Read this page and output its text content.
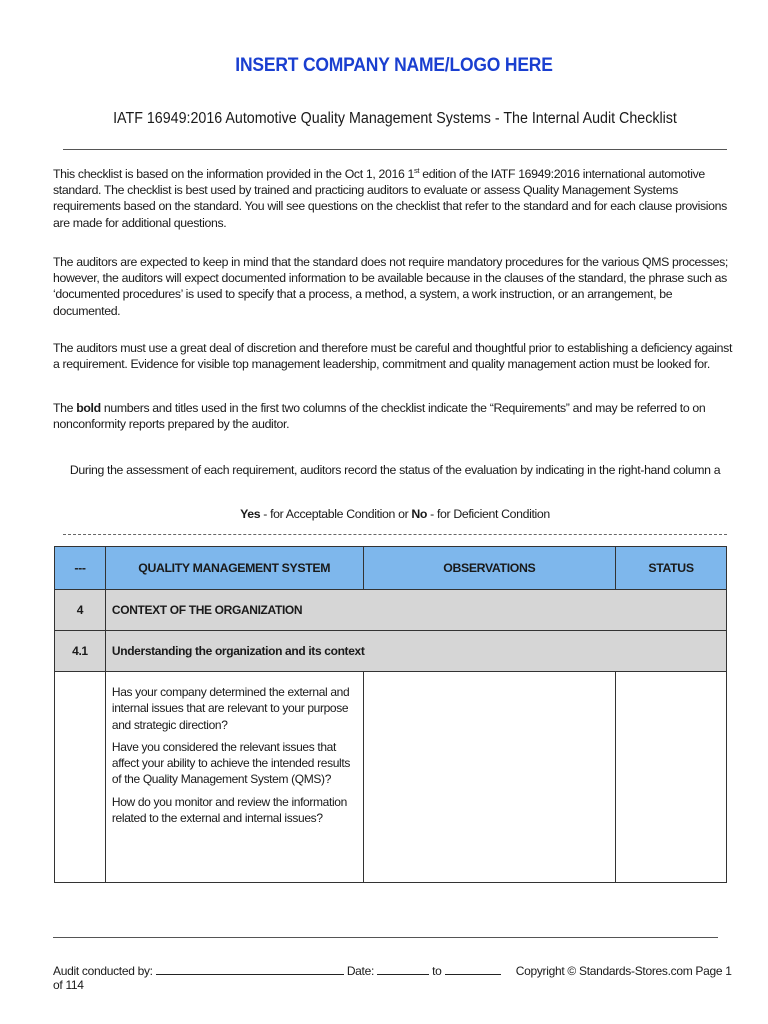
INSERT COMPANY NAME/LOGO HERE
IATF 16949:2016 Automotive Quality Management Systems - The Internal Audit Checklist
This checklist is based on the information provided in the Oct 1, 2016 1st edition of the IATF 16949:2016 international automotive standard. The checklist is best used by trained and practicing auditors to evaluate or assess Quality Management Systems requirements based on the standard. You will see questions on the checklist that refer to the standard and for each clause provisions are made for additional questions.
The auditors are expected to keep in mind that the standard does not require mandatory procedures for the various QMS processes; however, the auditors will expect documented information to be available because in the clauses of the standard, the phrase such as ‘documented procedures’ is used to specify that a process, a method, a system, a work instruction, or an arrangement, be documented.
The auditors must use a great deal of discretion and therefore must be careful and thoughtful prior to establishing a deficiency against a requirement. Evidence for visible top management leadership, commitment and quality management action must be looked for.
The bold numbers and titles used in the first two columns of the checklist indicate the “Requirements” and may be referred to on nonconformity reports prepared by the auditor.
During the assessment of each requirement, auditors record the status of the evaluation by indicating in the right-hand column a
Yes - for Acceptable Condition or No - for Deficient Condition
---	QUALITY MANAGEMENT SYSTEM	OBSERVATIONS	STATUS
4	CONTEXT OF THE ORGANIZATION		
4.1	Understanding the organization and its context		

	Has your company determined the external and internal issues that are relevant to your purpose and strategic direction?

Have you considered the relevant issues that affect your ability to achieve the intended results of the Quality Management System (QMS)?

How do you monitor and review the information related to the external and internal issues?		

Audit conducted by:	Date:	to	Copyright © Standards-Stores.com Page 1 of 114
